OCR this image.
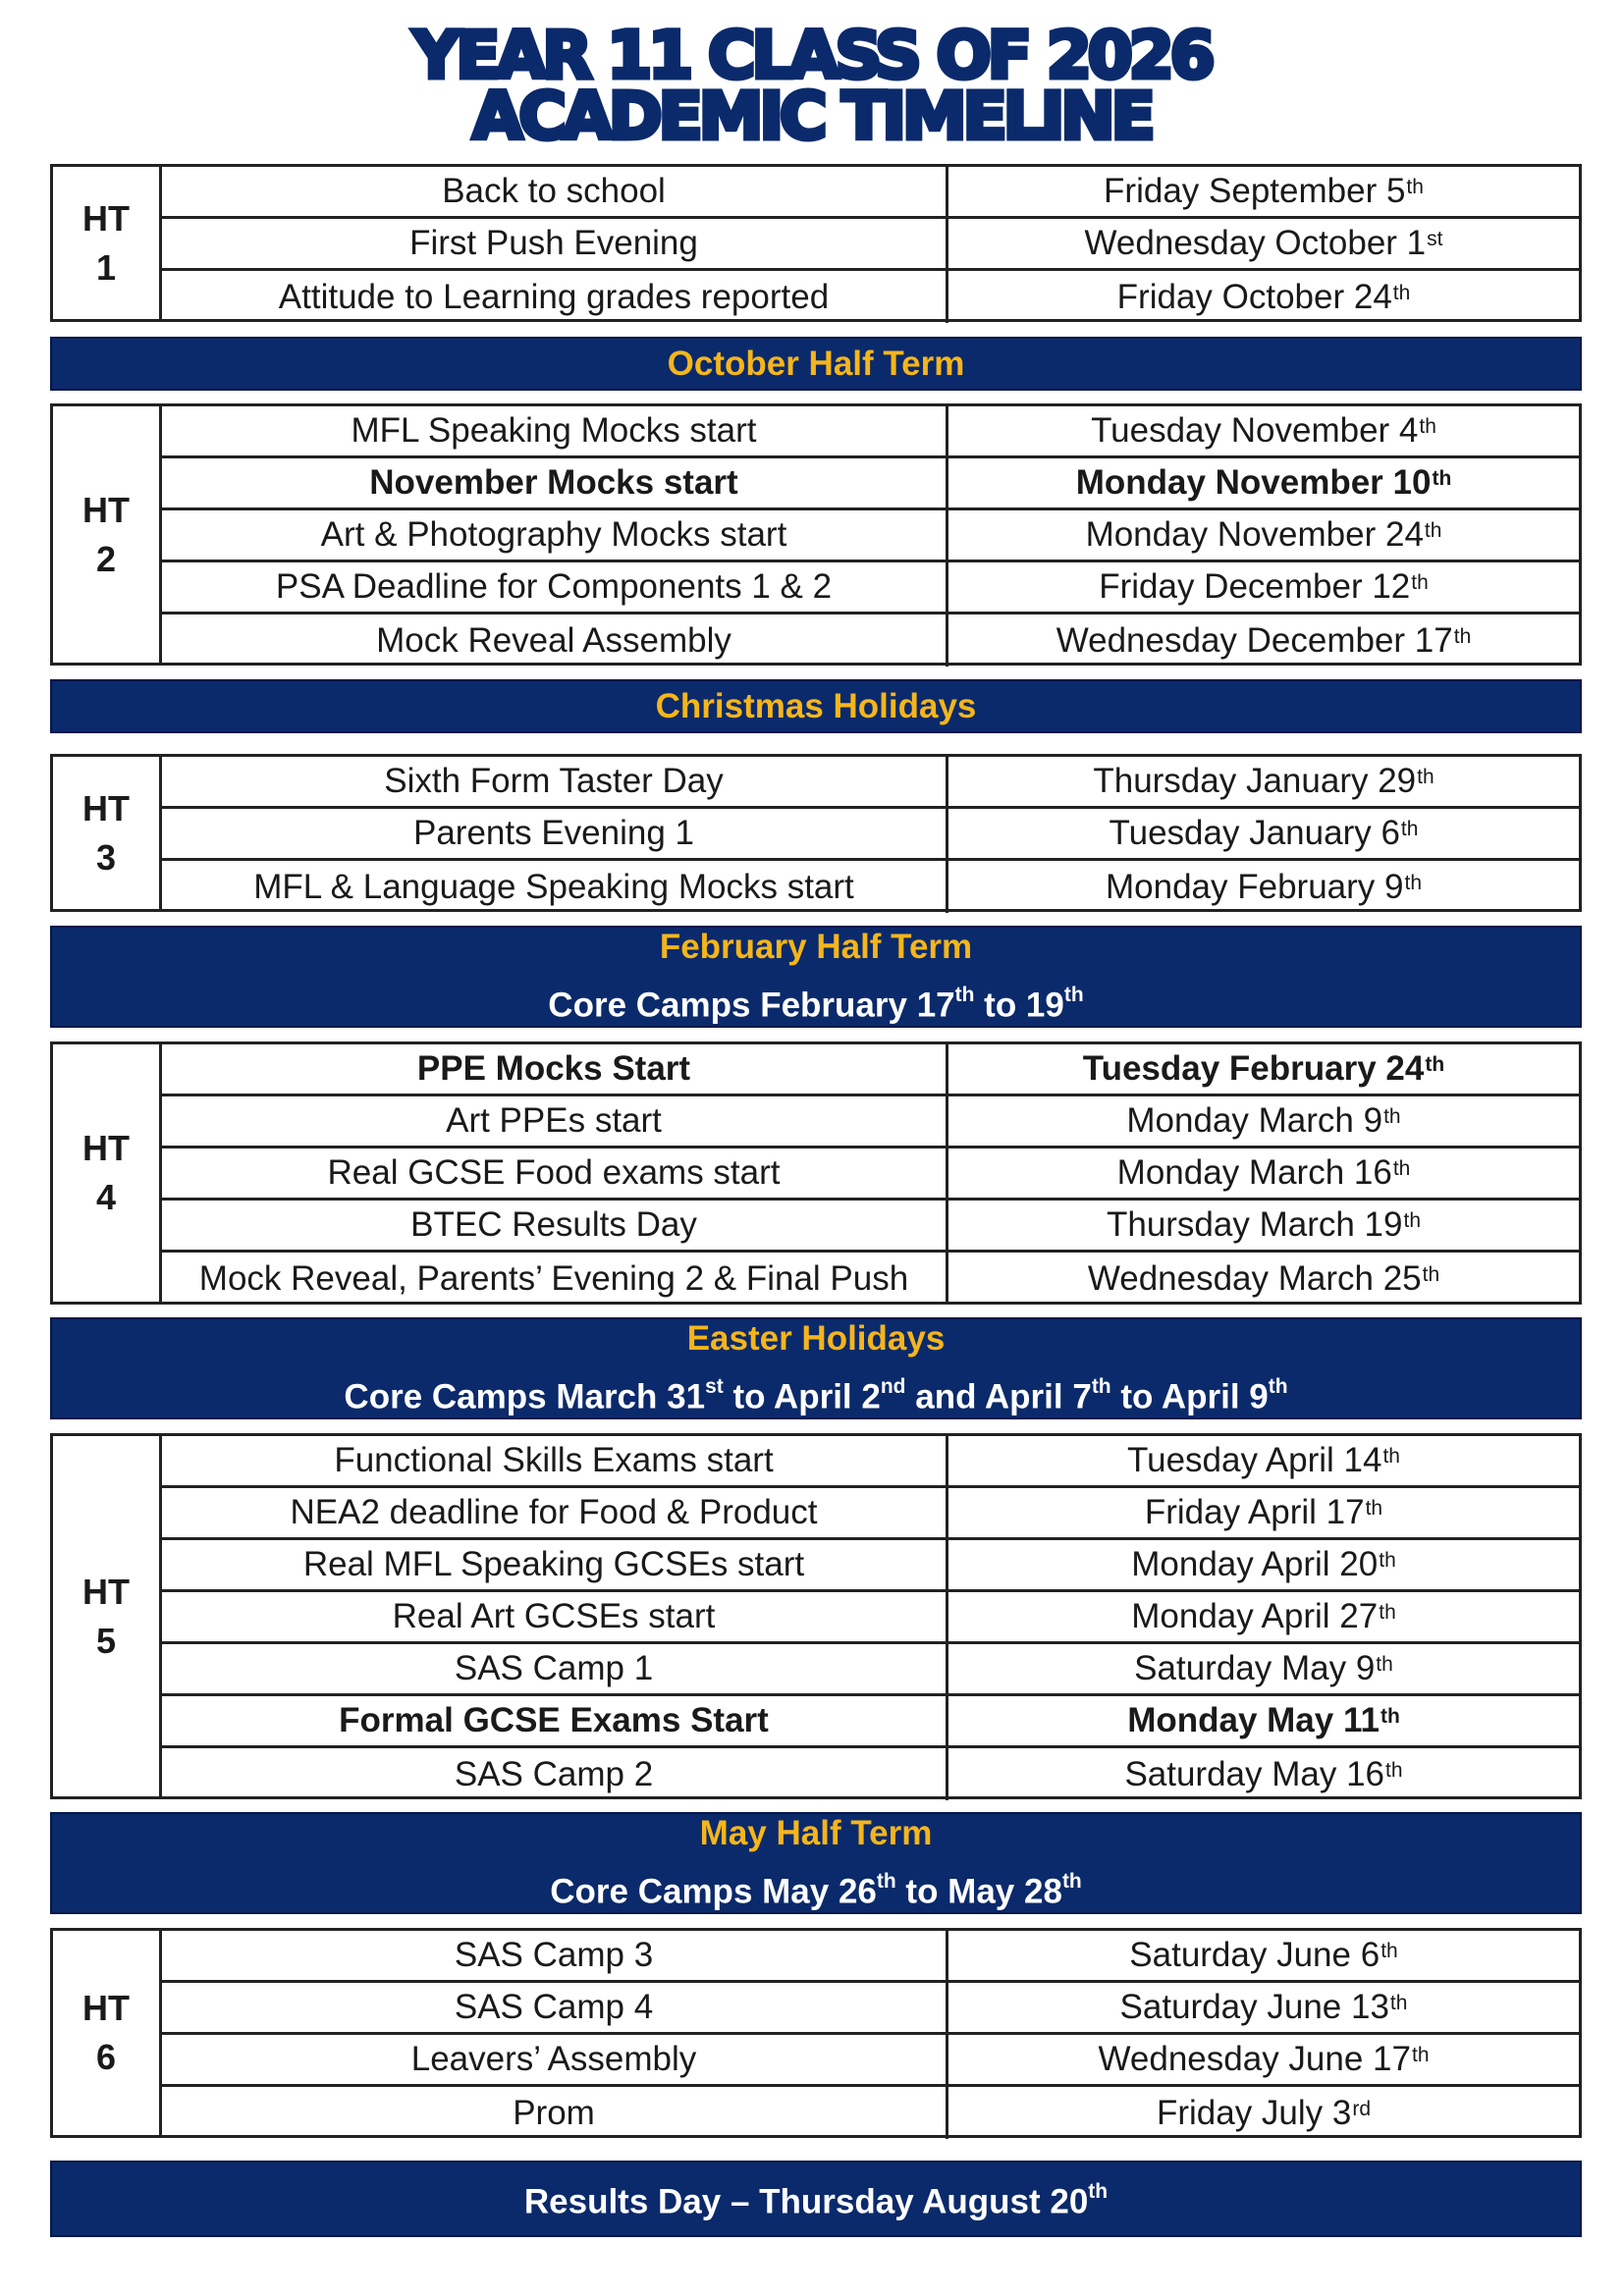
YEAR 11 CLASS OF 2026
ACADEMIC TIMELINE
HT
1
Back to school	Friday September 5th
First Push Evening	Wednesday October 1st
Attitude to Learning grades reported	Friday October 24th
October Half Term
HT
2
MFL Speaking Mocks start	Tuesday November 4th
November Mocks start	Monday November 10th
Art & Photography Mocks start	Monday November 24th
PSA Deadline for Components 1 & 2	Friday December 12th
Mock Reveal Assembly	Wednesday December 17th
Christmas Holidays
HT
3
Sixth Form Taster Day	Thursday January 29th
Parents Evening 1	Tuesday January 6th
MFL & Language Speaking Mocks start	Monday February 9th
February Half Term
Core Camps February 17th to 19th
HT
4
PPE Mocks Start	Tuesday February 24th
Art PPEs start	Monday March 9th
Real GCSE Food exams start	Monday March 16th
BTEC Results Day	Thursday March 19th
Mock Reveal, Parents’ Evening 2 & Final Push	Wednesday March 25th
Easter Holidays
Core Camps March 31st to April 2nd and April 7th to April 9th
HT
5
Functional Skills Exams start	Tuesday April 14th
NEA2 deadline for Food & Product	Friday April 17th
Real MFL Speaking GCSEs start	Monday April 20th
Real Art GCSEs start	Monday April 27th
SAS Camp 1	Saturday May 9th
Formal GCSE Exams Start	Monday May 11th
SAS Camp 2	Saturday May 16th
May Half Term
Core Camps May 26th to May 28th
HT
6
SAS Camp 3	Saturday June 6th
SAS Camp 4	Saturday June 13th
Leavers’ Assembly	Wednesday June 17th
Prom	Friday July 3rd
Results Day – Thursday August 20th
